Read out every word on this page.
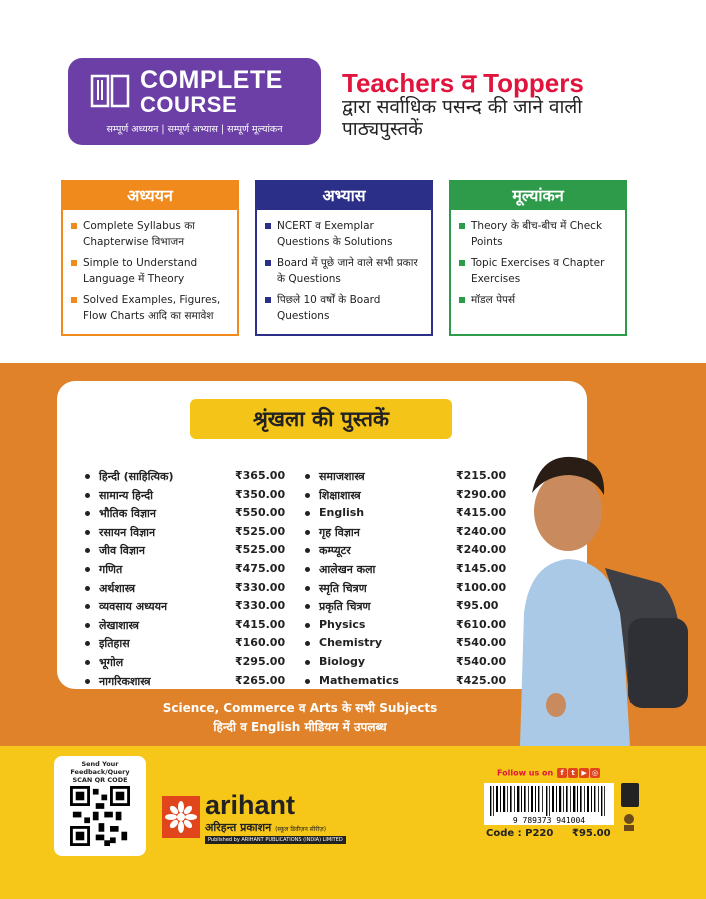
COMPLETE
COURSE
सम्पूर्ण अध्ययन | सम्पूर्ण अभ्यास | सम्पूर्ण मूल्यांकन
Teachers व Toppers
द्वारा सर्वाधिक पसन्द की जाने वाली पाठ्यपुस्तकें
अध्ययन
Complete Syllabus का Chapterwise विभाजन
Simple to Understand Language में Theory
Solved Examples, Figures, Flow Charts आदि का समावेश
अभ्यास
NCERT व Exemplar Questions के Solutions
Board में पूछे जाने वाले सभी प्रकार के Questions
पिछले 10 वर्षों के Board Questions
मूल्यांकन
Theory के बीच-बीच में Check Points
Topic Exercises व Chapter Exercises
मॉडल पेपर्स
श्रृंखला की पुस्तकें
हिन्दी (साहित्यिक)	₹365.00
सामान्य हिन्दी	₹350.00
भौतिक विज्ञान	₹550.00
रसायन विज्ञान	₹525.00
जीव विज्ञान	₹525.00
गणित	₹475.00
अर्थशास्त्र	₹330.00
व्यवसाय अध्ययन	₹330.00
लेखाशास्त्र	₹415.00
इतिहास	₹160.00
भूगोल	₹295.00
नागरिकशास्त्र	₹265.00
समाजशास्त्र	₹215.00
शिक्षाशास्त्र	₹290.00
English	₹415.00
गृह विज्ञान	₹240.00
कम्प्यूटर	₹240.00
आलेखन कला	₹145.00
स्मृति चित्रण	₹100.00
प्रकृति चित्रण	₹95.00
Physics	₹610.00
Chemistry	₹540.00
Biology	₹540.00
Mathematics	₹425.00
Science, Commerce व Arts के सभी Subjects
हिन्दी व English मीडियम में उपलब्ध
Send Your Feedback/Query
SCAN QR CODE
arihant
अरिहन्त प्रकाशन (स्कूल डिवीज़न सीरीज़)
Published by ARIHANT PUBLICATIONS (INDIA) LIMITED
Follow us on f t ▶ ◎
9 789373 941004
Code : P220 ₹95.00
